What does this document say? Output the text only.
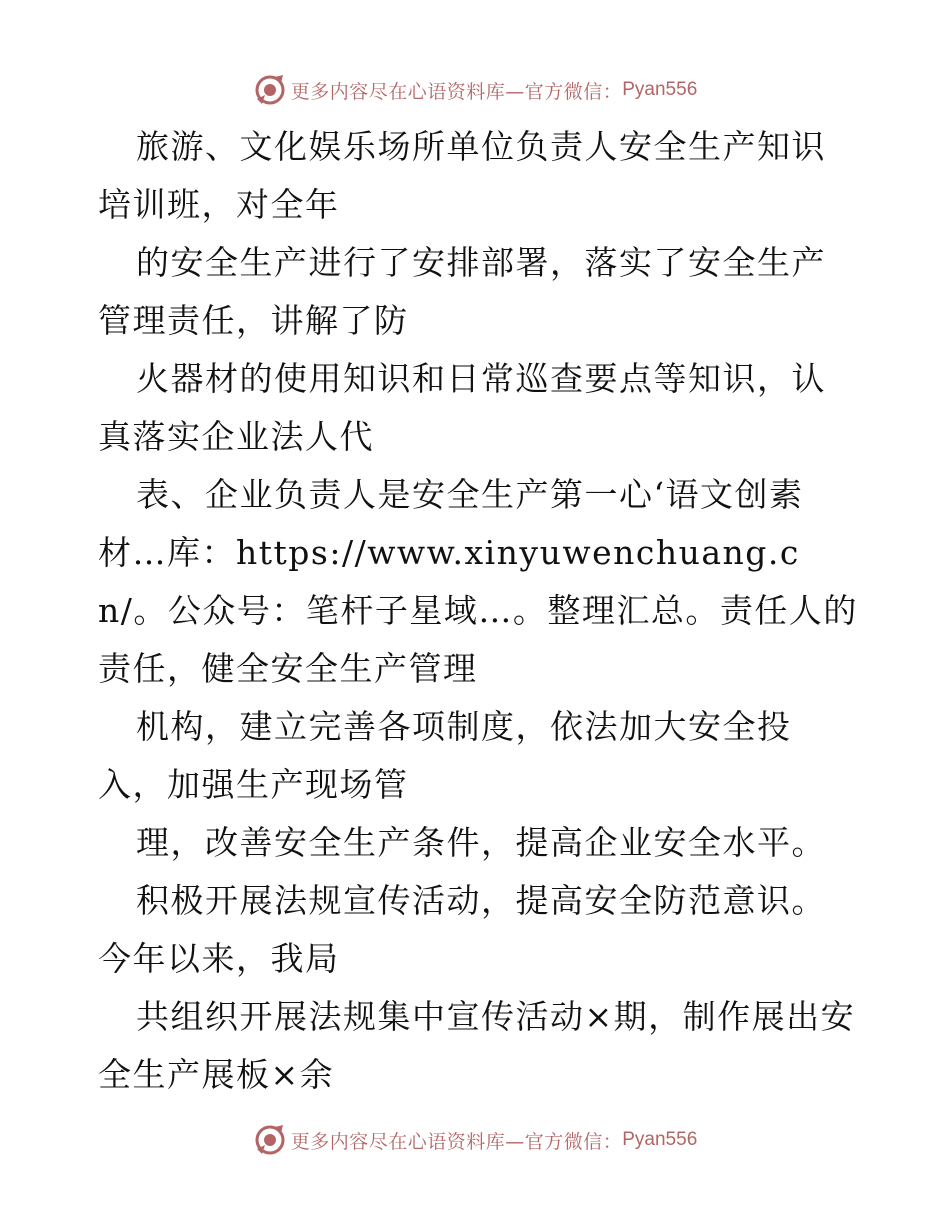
更多内容尽在心语资料库—官方微信： Pyan556

旅游、文化娱乐场所单位负责人安全生产知识培训班，对全年

的安全生产进行了安排部署，落实了安全生产管理责任，讲解了防

火器材的使用知识和日常巡查要点等知识，认真落实企业法人代

表、企业负责人是安全生产第一心‘语文创素材…库：https://www.xinyuwenchuang.cn/。公众号：笔杆子星域…。整理汇总。责任人的责任，健全安全生产管理

机构，建立完善各项制度，依法加大安全投入，加强生产现场管

理，改善安全生产条件，提高企业安全水平。

积极开展法规宣传活动，提高安全防范意识。今年以来，我局

共组织开展法规集中宣传活动×期，制作展出安全生产展板×余

更多内容尽在心语资料库—官方微信： Pyan556
